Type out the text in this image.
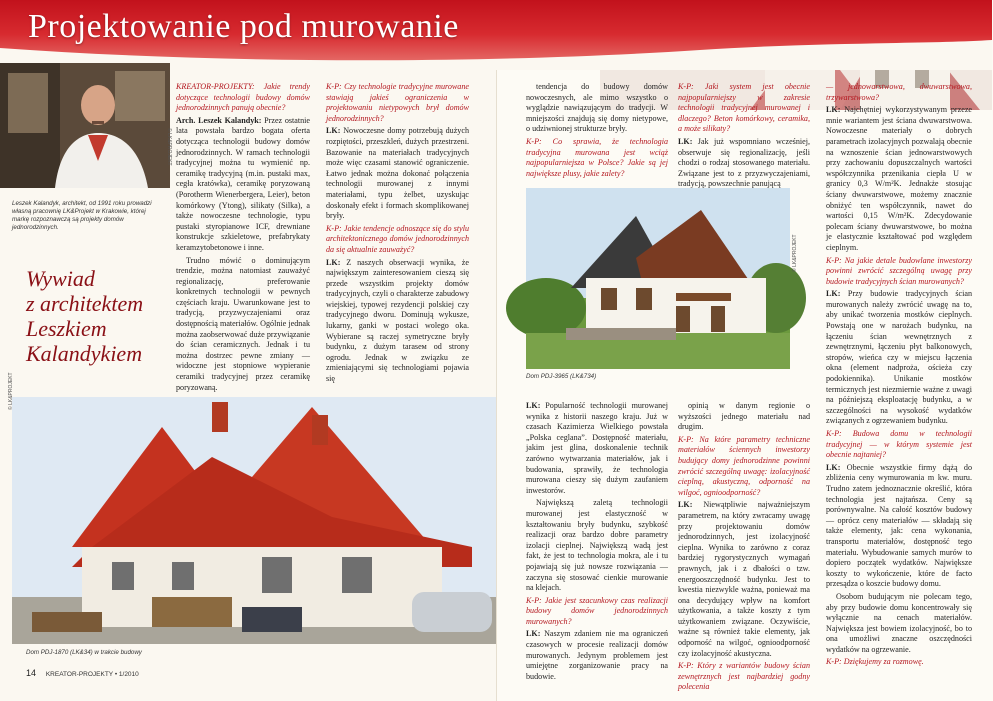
Projektowanie pod murowanie
© LK&PROJEKT
Leszek Kalandyk, architekt, od 1991 roku prowadzi własną pracownię LK&Projekt w Krakowie, której markę rozpoznawczą są projekty domów jednorodzinnych.
Wywiad
z architektem
Leszkiem
Kalandykiem

KREATOR-PROJEKTY: Jakie trendy dotyczące technologii budowy domów jednorodzinnych panują obecnie?

Arch. Leszek Kalandyk: Przez ostatnie lata powstała bardzo bogata oferta dotycząca technologii budowy domów jednorodzinnych. W ramach technologii tradycyjnej można tu wymienić np. ceramikę tradycyjną (m.in. pustaki max, cegła kratówka), ceramikę poryzowaną (Porotherm Wienerbergera, Leier), beton komórkowy (Ytong), silikaty (Silka), a także nowoczesne technologie, typu pustaki styropianowe ICF, drewniane konstrukcje szkieletowe, prefabrykaty keramzytobetonowe i inne.

Trudno mówić o dominującym trendzie, można natomiast zauważyć regionalizację, preferowanie konkretnych technologii w pewnych częściach kraju. Uwarunkowane jest to tradycją, przyzwyczajeniami oraz dostępnością materiałów. Ogólnie jednak można zaobserwować duże przywiązanie do ścian ceramicznych. Jednak i tu można dostrzec pewne zmiany — widoczne jest stopniowe wypieranie ceramiki tradycyjnej przez ceramikę poryzowaną.

K-P: Czy technologie tradycyjne murowane stawiają jakieś ograniczenia w projektowaniu nietypowych brył domów jednorodzinnych?

LK: Nowoczesne domy potrzebują dużych rozpiętości, przeszkleń, dużych przestrzeni. Bazowanie na materiałach tradycyjnych może więc czasami stanowić ograniczenie. Łatwo jednak można dokonać połączenia technologii murowanej z innymi materiałami, typu żelbet, uzyskując doskonały efekt i formach skomplikowanej bryły.

K-P: Jakie tendencje odnoszące się do stylu architektonicznego domów jednorodzinnych da się aktualnie zauważyć?

LK: Z naszych obserwacji wynika, że największym zainteresowaniem cieszą się przede wszystkim projekty domów tradycyjnych, czyli o charakterze zabudowy wiejskiej, typowej rezydencji polskiej czy tradycyjnego dworu. Dominują wykusze, lukarny, ganki w postaci wolego oka. Wybierane są raczej symetryczne bryły budynku, z dużym taraseм od strony ogrodu. Jednak w związku ze zmieniającymi się technologiami pojawia się

tendencja do budowy domów nowoczesnych, ale mimo wszystko o wyglądzie nawiązującym do tradycji. W mniejszości znajdują się domy nietypowe, o udziwnionej strukturze bryły.

K-P: Co sprawia, że technologia tradycyjna murowana jest wciąż najpopularniejsza w Polsce? Jakie są jej największe plusy, jakie zalety?

K-P: Jaki system jest obecnie najpopularniejszy w zakresie technologii tradycyjnej murowanej i dlaczego? Beton komórkowy, ceramika, a może silikaty?

LK: Jak już wspomniano wcześniej, obserwuje się regionalizację, jeśli chodzi o rodzaj stosowanego materiału. Związane jest to z przyzwyczajeniami, tradycją, powszechnie panującą

— jednowarstwowa, dwuwarstwowa, trzywarstwowa?

LK: Najchętniej wykorzystywanym przeze mnie wariantem jest ściana dwuwarstwowa. Nowoczesne materiały o dobrych parametrach izolacyjnych pozwalają obecnie na wznoszenie ścian jednowarstwowych przy zachowaniu dopuszczalnych wartości współczynnika przenikania ciepła U w granicy 0,3 W/m²K. Jednakże stosując ściany dwuwarstwowe, możemy znacznie obniżyć ten współczynnik, nawet do wartości 0,15 W/m²K. Zdecydowanie polecam ściany dwuwarstwowe, bo można je elastycznie kształtować pod względem cieplnym.

K-P: Na jakie detale budowlane inwestorzy powinni zwrócić szczególną uwagę przy budowie tradycyjnych ścian murowanych?

LK: Przy budowie tradycyjnych ścian murowanych należy zwrócić uwagę na to, aby unikać tworzenia mostków cieplnych. Powstają one w narożach budynku, na łączeniu ścian wewnętrznych z zewnętrznymi, łączeniu płyt balkonowych, stropów, wieńca czy w miejscu łączenia okna (element nadproża, ościeża czy podokiennika). Unikanie mostków termicznych jest niezmiernie ważne z uwagi na późniejszą eksploatację budynku, a w szczególności na wysokość wydatków związanych z ogrzewaniem budynku.

K-P: Budowa domu w technologii tradycyjnej — w którym systemie jest obecnie najtaniej?

LK: Obecnie wszystkie firmy dążą do zbliżenia ceny wymurowania m kw. muru. Trudno zatem jednoznacznie określić, która technologia jest najtańsza. Ceny są porównywalne. Na całość kosztów budowy — oprócz ceny materiałów — składają się także elementy, jak: cena wykonania, transportu materiałów, dostępność tego materiału. Wybudowanie samych murów to dopiero początek wydatków. Największe koszty to wykończenie, które de facto przesądza o koszcie budowy domu.

Osobom budującym nie polecam tego, aby przy budowie domu koncentrowały się wyłącznie na cenach materiałów. Największa jest bowiem izolacyjność, bo to ona umożliwi znaczne oszczędności wydatków na ogrzewanie.

K-P: Dziękujemy za rozmowę.

LK: Popularność technologii murowanej wynika z historii naszego kraju. Już w czasach Kazimierza Wielkiego powstała „Polska ceglana”. Dostępność materiału, jakim jest glina, doskonalenie technik zarówno wytwarzania materiałów, jak i budowania, sprawiły, że technologia murowana cieszy się dużym zaufaniem inwestorów.

Największą zaletą technologii murowanej jest elastyczność w kształtowaniu bryły budynku, szybkość realizacji oraz bardzo dobre parametry izolacji cieplnej. Największą wadą jest fakt, że jest to technologia mokra, ale i tu pojawiają się już nowsze rozwiązania — zaczyna się stosować cienkie murowanie na klejach.

K-P: Jakie jest szacunkowy czas realizacji budowy domów jednorodzinnych murowanych?

LK: Naszym zdaniem nie ma ograniczeń czasowych w procesie realizacji domów murowanych. Jedynym problemem jest umiejętne zorganizowanie pracy na budowie.

opinią w danym regionie o wyższości jednego materiału nad drugim.

K-P: Na które parametry techniczne materiałów ściennych inwestorzy budujący domy jednorodzinne powinni zwrócić szczególną uwagę: izolacyjność cieplną, akustyczną, odporność na wilgoć, ognioodporność?

LK: Niewątpliwie najważniejszym parametrem, na który zwracamy uwagę przy projektowaniu domów jednorodzinnych, jest izolacyjność cieplna. Wynika to zarówno z coraz bardziej rygorystycznych wymagań prawnych, jak i z dbałości o tzw. energooszczędność budynku. Jest to kwestia niezwykle ważna, ponieważ ma ona decydujący wpływ na komfort użytkowania, a także koszty z tym użytkowaniem związane. Oczywiście, ważne są również takie elementy, jak odporność na wilgoć, ognioodporność czy izolacyjność akustyczna.

K-P: Który z wariantów budowy ścian zewnętrznych jest najbardziej godny polecenia

© LK&PROJEKT
Dom PDJ-3965 (LK&734)
© LK&PROJEKT
Dom PDJ-1870 (LK&34) w trakcie budowy
14 KREATOR-PROJEKTY • 1/2010
